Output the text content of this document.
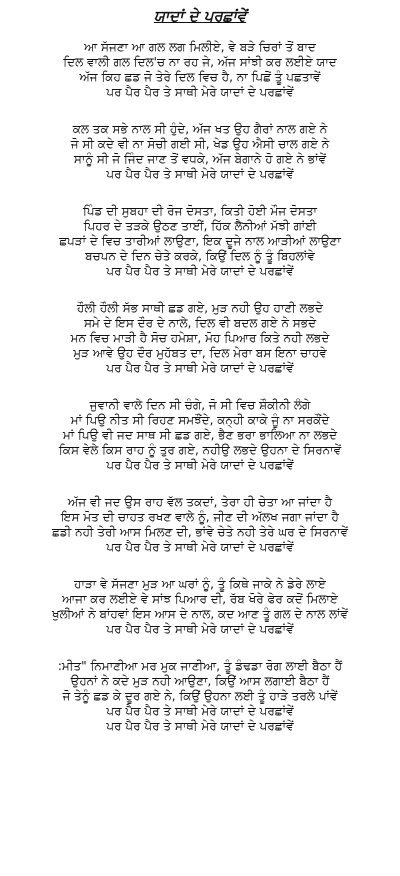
ਯਾਦਾਂ ਦੇ ਪਰਛਾਂਵੇਂ
ਆ ਸੱਜਣਾ ਆ ਗਲ ਲਗ ਮਿਲੀਏ, ਵੇ ਬੜੇ ਚਿਰਾਂ ਤੋਂ ਬਾਦ
ਦਿਲ ਵਾਲੀ ਗਲ ਦਿਲ'ਚ ਨਾ ਰਹ ਜੇ, ਅੱਜ ਸਾਂਝੀ ਕਰ ਲਈਏ ਯਾਦ
ਅੱਜ ਕਿਹ ਛਡ ਜੋ ਤੇਰੇ ਦਿਲ ਵਿਚ ਹੈ, ਨਾ ਪਿਛੋਂ ਤੂੰ ਪਛਤਾਵੇਂ
ਪਰ ਪੈਰ ਪੈਰ ਤੇ ਸਾਥੀ ਮੇਰੇ ਯਾਦਾਂ ਦੇ ਪਰਛਾਂਵੇਂ
ਕਲ ਤਕ ਸਭੇ ਨਾਲ ਸੀ ਹੁੰਦੇ, ਅੱਜ ਖਤ ਉਹ ਗੈਰਾਂ ਨਾਲ ਗਏ ਨੇ
ਜੋ ਸੀ ਕਦੇ ਵੀ ਨਾ ਸੋਚੀ ਗਈ ਸੀ, ਖੇਡ ਉਹ ਐਸੀ ਚਾਲ ਗਏ ਨੇ
ਸਾਨੂੰ ਸੀ ਜੋ ਜਿੰਦ ਜਾਣ ਤੋਂ ਵਧਕੇ, ਅੱਜ ਬੇਗਾਨੇ ਹੋ ਗਏ ਨੇ ਭਾਂਵੇਂ
ਪਰ ਪੈਰ ਪੈਰ ਤੇ ਸਾਥੀ ਮੇਰੇ ਯਾਦਾਂ ਦੇ ਪਰਛਾਂਵੇਂ
ਪਿੰਡ ਦੀ ਸੁਬਹਾ ਦੀ ਰੋਜ ਦੋਸਤਾ, ਕਿਤੀ ਹੋਈ ਮੌਜ ਦੋਸਤਾ
ਪਿਹਰ ਦੇ ਤੜਕੇ ਉਠਣ ਤਾਈਂ, ਹਿੱਕ ਲੈਨੀਆਂ ਮੱਝੀ ਗਾਂਈ
ਛਪੜਾਂ ਦੇ ਵਿਚ ਤਾਰੀਆਂ ਲਾਉਣਾ, ਇਕ ਦੂਜੇ ਨਾਲ ਆੜੀਆਂ ਲਾਉਣਾ
ਬਚਪਨ ਦੇ ਦਿਨ ਚੇਤੇ ਕਰਕੇ, ਕਿਉਂ ਦਿਲ ਨੂੰ ਤੂੰ ਬਿਹਲਾਂਵੇ
ਪਰ ਪੈਰ ਪੈਰ ਤੇ ਸਾਥੀ ਮੇਰੇ ਯਾਦਾਂ ਦੇ ਪਰਛਾਂਵੇਂ
ਹੌਲੀ ਹੌਲੀ ਸੱਭ ਸਾਥੀ ਛਡ ਗਏ, ਮੁੜ ਨਹੀ ਉਹ ਹਾਣੀ ਲਭਦੇ
ਸਮੇ ਦੇ ਇਸ ਦੌਰ ਦੇ ਨਾਲੇ, ਦਿਲ ਵੀ ਬਦਲ ਗਏ ਨੇ ਸਭਦੇ
ਮਨ ਵਿਚ ਮਾੜੀ ਹੈ ਸੋਚ ਹਮੇਸ਼ਾ, ਮੋਹ ਪਿਆਰ ਕਿਤੇ ਨਹੀ ਲਭਦੇ
ਮੁੜ ਆਵੇ ਉਹ ਦੌਰ ਮੁਹੱਬਤ ਦਾ, ਦਿਲ ਮੇਰਾ ਬਸ ਇਨਾ ਚਾਹਵੇ
ਪਰ ਪੈਰ ਪੈਰ ਤੇ ਸਾਥੀ ਮੇਰੇ ਯਾਦਾਂ ਦੇ ਪਰਛਾਂਵੇਂ
ਜੁਵਾਨੀ ਵਾਲੇ ਦਿਨ ਸੀ ਚੰਗੇ, ਜੋ ਸੀ ਵਿਚ ਸ਼ੌਕੀਨੀ ਲੰਗੇ
ਮਾਂ ਪਿਉ ਨੀਤ ਸੀ ਰਿਹਣ ਸਮਝੌਂਦੇ, ਕਨ੍ਹੀ ਕਾਕੇ ਜੂੰ ਨਾ ਸਰਕੌਂਦੇ
ਮਾਂ ਪਿਉ ਵੀ ਜਦ ਸਾਥ ਸੀ ਛਡ ਗਏ, ਭੈਣ ਭਰਾ ਭਾਲਿਆ ਨਾ ਲਭਦੇ
ਕਿਸ ਵੇਲੇ ਕਿਸ ਰਾਹ ਨੂੰ ਤੁਰ ਗਏ, ਨਹੀਉ ਲਭਦੇ ਉਹਨਾ ਦੇ ਸਿਰਨਾਵੇਂ
ਪਰ ਪੈਰ ਪੈਰ ਤੇ ਸਾਥੀ ਮੇਰੇ ਯਾਦਾਂ ਦੇ ਪਰਛਾਂਵੇਂ
ਅੱਜ ਵੀ ਜਦ ਉਸ ਰਾਹ ਵੱਲ ਤਕਦਾਂ, ਤੇਰਾ ਹੀ ਚੇਤਾ ਆ ਜਾਂਦਾ ਹੈ
ਇਸ ਮੋਤ ਦੀ ਚਾਹਤ ਰਖਣ ਵਾਲੇ ਨੂੰ, ਜੀਣ ਦੀ ਅੱਲਖ ਜਗਾ ਜਾਂਦਾ ਹੈ
ਛਡੀ ਨਹੀ ਤੇਰੀ ਆਸ ਮਿਲਣ ਦੀ, ਭਾਂਵੇ ਚੇਤੇ ਨਹੀ ਤੇਰੇ ਘਰ ਦੇ ਸਿਰਨਾਵੇਂ
ਪਰ ਪੈਰ ਪੈਰ ਤੇ ਸਾਥੀ ਮੇਰੇ ਯਾਦਾਂ ਦੇ ਪਰਛਾਂਵੇਂ
ਹਾੜਾ ਵੇ ਸੱਜਣਾ ਮੁੜ ਆ ਘਰਾਂ ਨੂੰ, ਤੂੰ ਕਿਥੇ ਜਾਕੇ ਨੇ ਡੇਰੇ ਲਾਏ
ਆਜਾ ਕਰ ਲਈਏ ਵੇ ਸਾਂਝ ਪਿਆਰ ਦੀ, ਰੱਬ ਖੋਰੇ ਫੇਰ ਕਦੋਂ ਮਿਲਾਏ
ਖੁਲੀਆਂ ਨੇ ਬਾਂਹਵਾਂ ਇਸ ਆਸ ਦੇ ਨਾਲ, ਕਦ ਆਣ ਤੂੰ ਗਲ ਦੇ ਨਾਲ ਲਾਂਵੇਂ
ਪਰ ਪੈਰ ਪੈਰ ਤੇ ਸਾਥੀ ਮੇਰੇ ਯਾਦਾਂ ਦੇ ਪਰਛਾਂਵੇਂ
:ਮੀਤ" ਨਿਮਾਣੀਆ ਮਰ ਮੁਕ ਜਾਣੀਆ, ਤੂੰ ਡੰਢਡਾ ਰੋਗ ਲਾਈ ਬੈਠਾ ਹੈਂ
ਉਹਨਾਂ ਨੇ ਕਦੇ ਮੁੜ ਨਹੀ ਆਉਣਾ, ਕਿਉਂ ਆਸ ਲਗਾਈ ਬੈਠਾ ਹੈਂ
ਜੋ ਤੇਨੂੰ ਛਡ ਕੇ ਦੂਰ ਗਏ ਨੇ, ਕਿਉਂ ਉਹਨਾ ਲਈ ਤੂੰ ਹਾੜੇ ਤਰਲੇ ਪਾਂਵੇਂ
ਪਰ ਪੈਰ ਪੈਰ ਤੇ ਸਾਥੀ ਮੇਰੇ ਯਾਦਾਂ ਦੇ ਪਰਛਾਂਵੇਂ
ਪਰ ਪੈਰ ਪੈਰ ਤੇ ਸਾਥੀ ਮੇਰੇ ਯਾਦਾਂ ਦੇ ਪਰਛਾਂਵੇਂ
